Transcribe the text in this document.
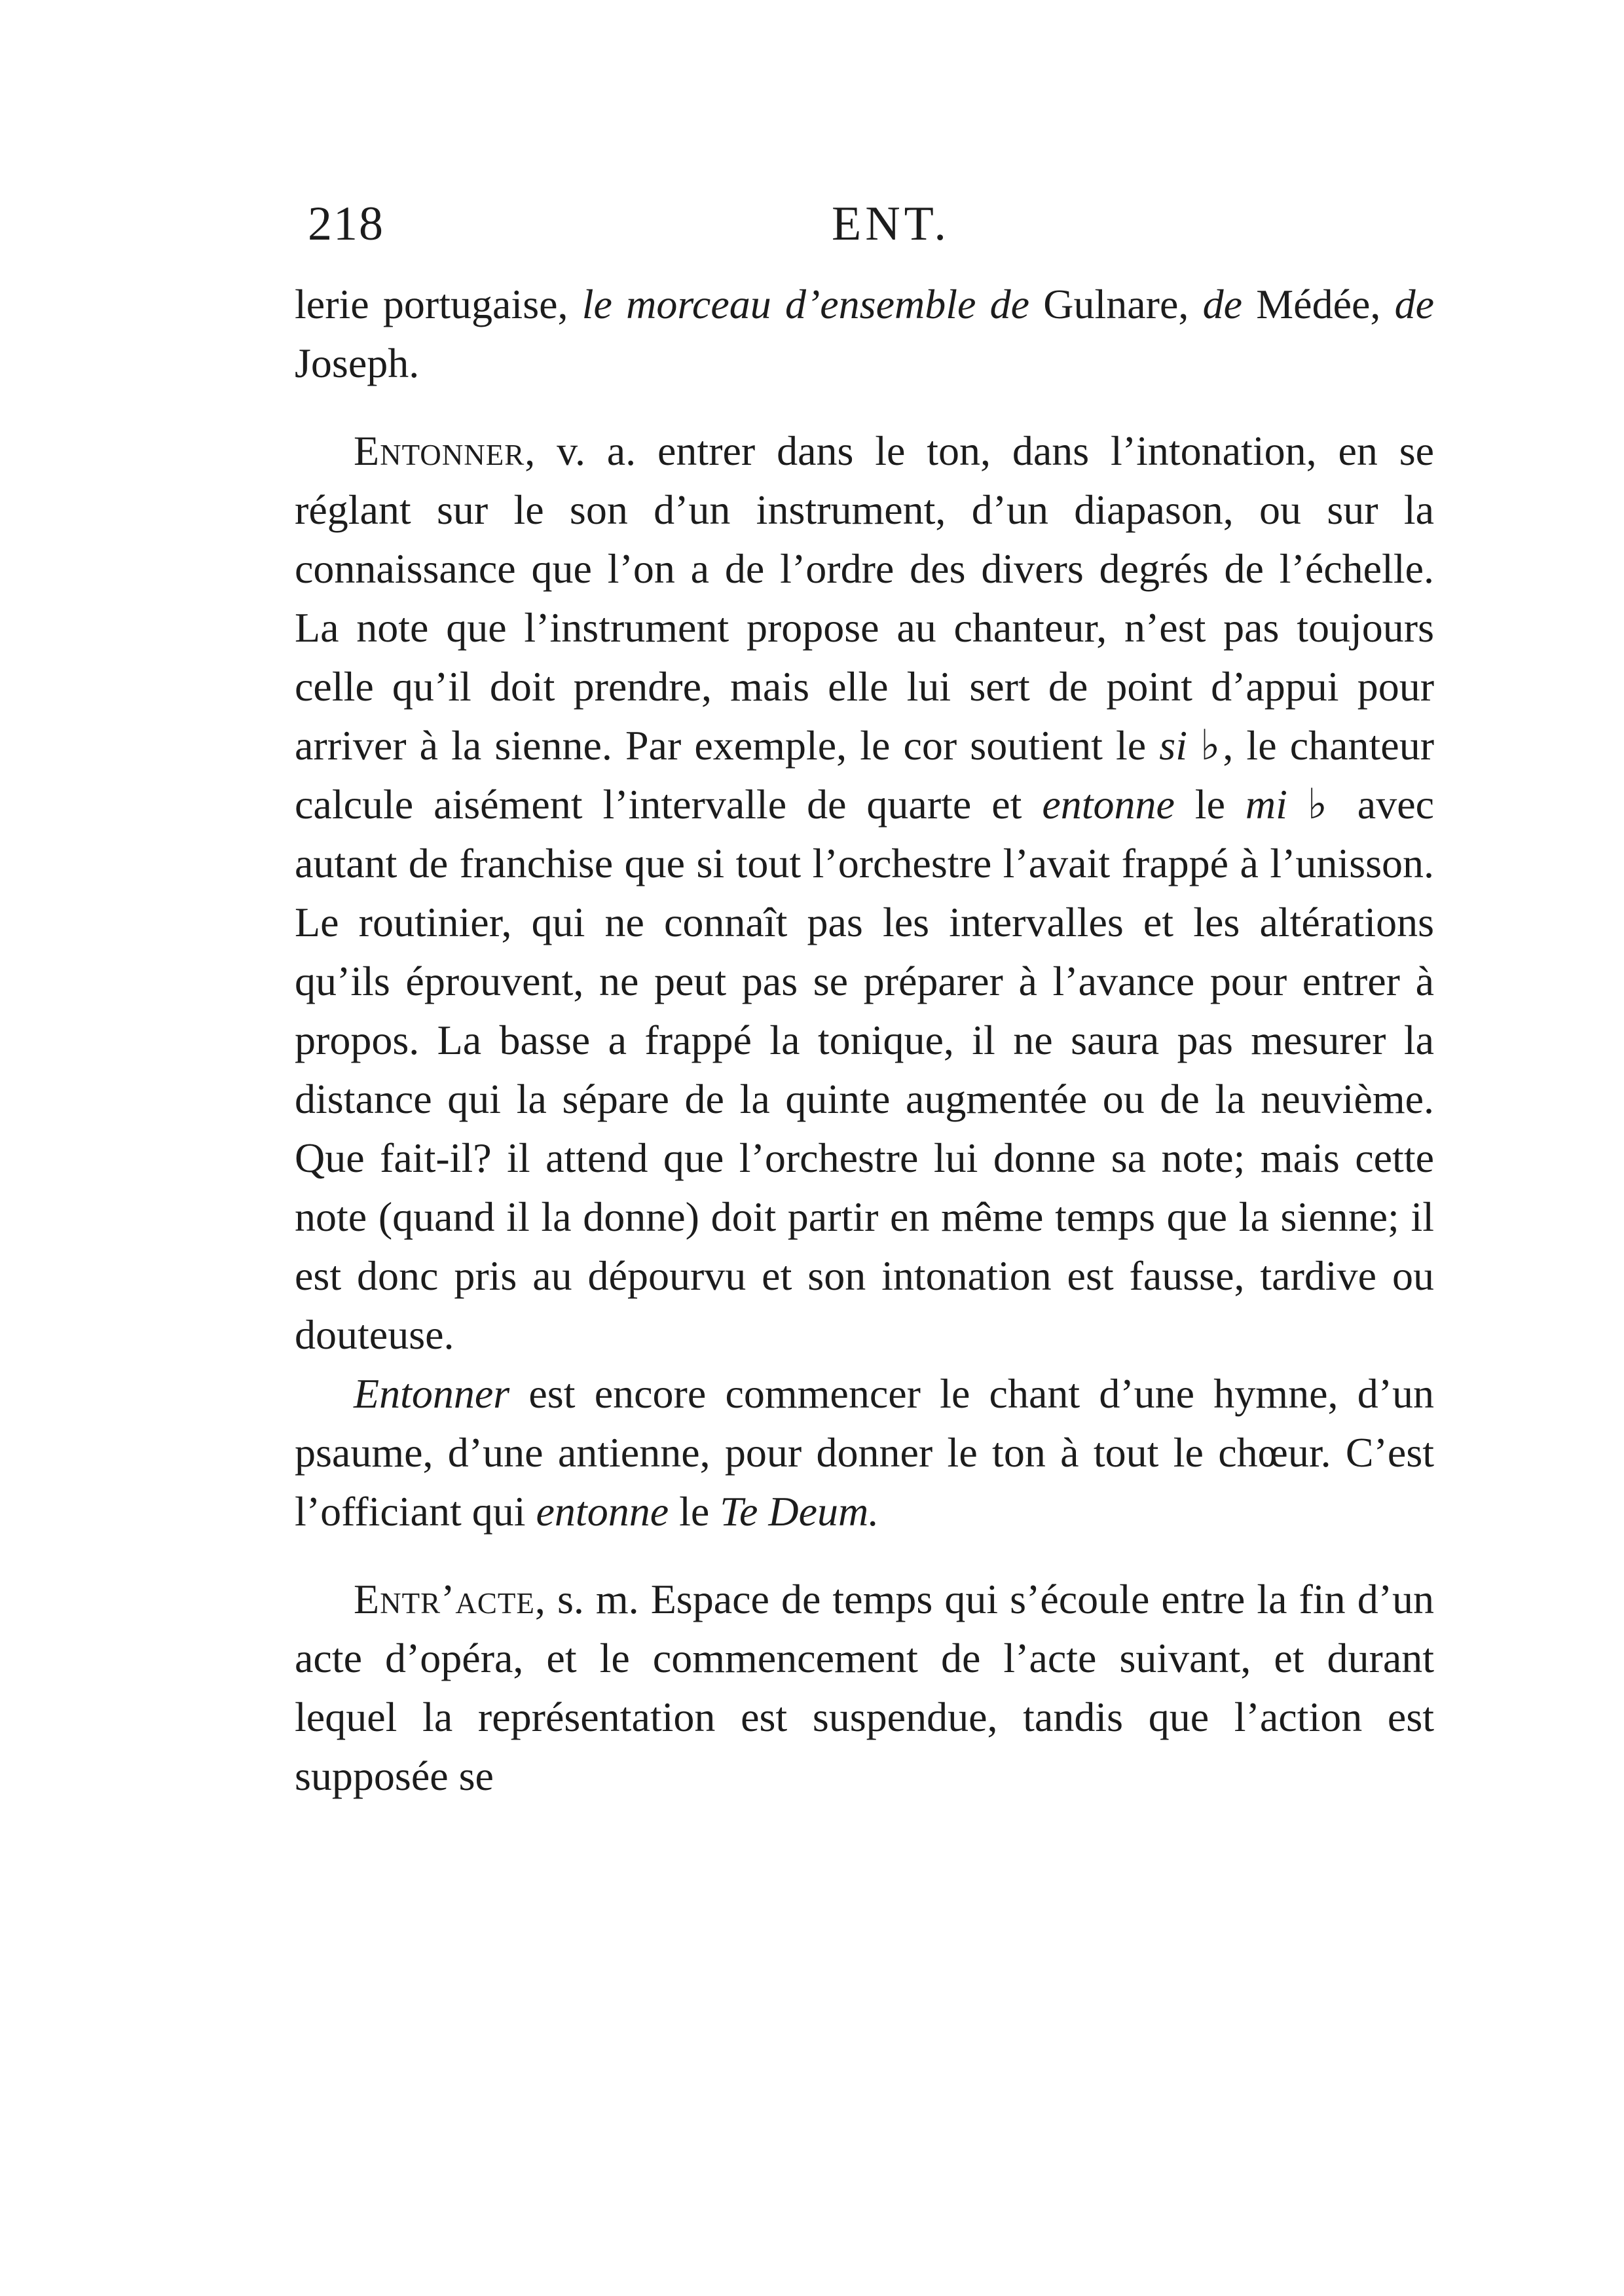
218	ENT.

lerie portugaise, le morceau d’ensemble de Gulnare, de Médée, de Joseph.

Entonner, v. a. entrer dans le ton, dans l’intonation, en se réglant sur le son d’un instrument, d’un diapason, ou sur la connaissance que l’on a de l’ordre des divers degrés de l’échelle. La note que l’instrument propose au chanteur, n’est pas toujours celle qu’il doit prendre, mais elle lui sert de point d’appui pour arriver à la sienne. Par exemple, le cor soutient le si ♭, le chanteur calcule aisément l’intervalle de quarte et entonne le mi ♭ avec autant de franchise que si tout l’orchestre l’avait frappé à l’unisson. Le routinier, qui ne connaît pas les intervalles et les altérations qu’ils éprouvent, ne peut pas se préparer à l’avance pour entrer à propos. La basse a frappé la tonique, il ne saura pas mesurer la distance qui la sépare de la quinte augmentée ou de la neuvième. Que fait-il? il attend que l’orchestre lui donne sa note; mais cette note (quand il la donne) doit partir en même temps que la sienne; il est donc pris au dépourvu et son intonation est fausse, tardive ou douteuse.

Entonner est encore commencer le chant d’une hymne, d’un psaume, d’une antienne, pour donner le ton à tout le chœur. C’est l’officiant qui entonne le Te Deum.

Entr’acte, s. m. Espace de temps qui s’écoule entre la fin d’un acte d’opéra, et le commencement de l’acte suivant, et durant lequel la représentation est suspendue, tandis que l’action est supposée se
